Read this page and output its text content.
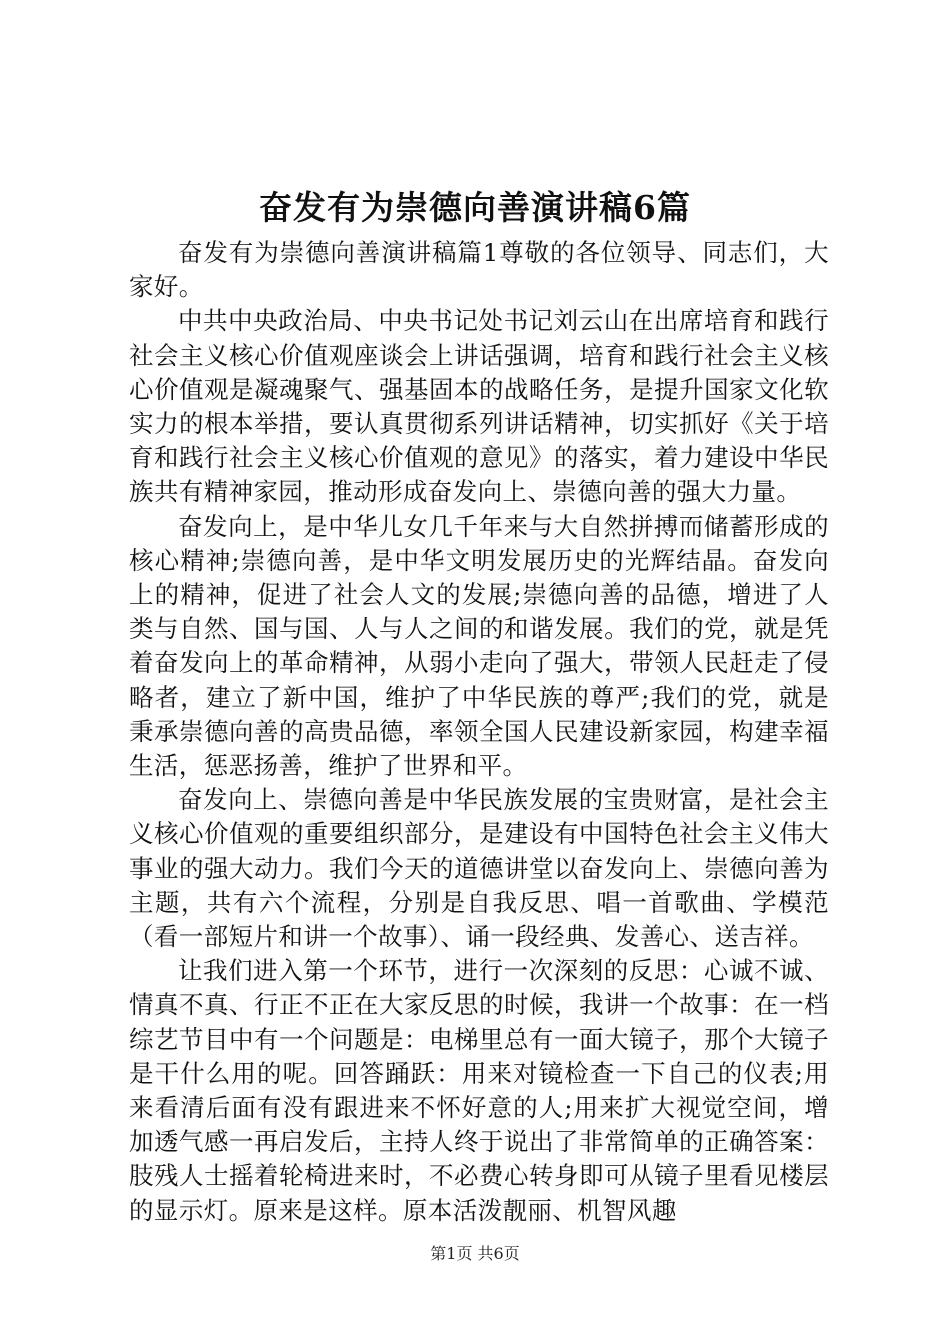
奋发有为崇德向善演讲稿6篇

奋发有为崇德向善演讲稿篇1尊敬的各位领导、同志们，大家好。

中共中央政治局、中央书记处书记刘云山在出席培育和践行社会主义核心价值观座谈会上讲话强调，培育和践行社会主义核心价值观是凝魂聚气、强基固本的战略任务，是提升国家文化软实力的根本举措，要认真贯彻系列讲话精神，切实抓好《关于培育和践行社会主义核心价值观的意见》的落实，着力建设中华民族共有精神家园，推动形成奋发向上、崇德向善的强大力量。

奋发向上，是中华儿女几千年来与大自然拼搏而储蓄形成的核心精神;崇德向善，是中华文明发展历史的光辉结晶。奋发向上的精神，促进了社会人文的发展;崇德向善的品德，增进了人类与自然、国与国、人与人之间的和谐发展。我们的党，就是凭着奋发向上的革命精神，从弱小走向了强大，带领人民赶走了侵略者，建立了新中国，维护了中华民族的尊严;我们的党，就是秉承崇德向善的高贵品德，率领全国人民建设新家园，构建幸福生活，惩恶扬善，维护了世界和平。

奋发向上、崇德向善是中华民族发展的宝贵财富，是社会主义核心价值观的重要组织部分，是建设有中国特色社会主义伟大事业的强大动力。我们今天的道德讲堂以奋发向上、崇德向善为主题，共有六个流程，分别是自我反思、唱一首歌曲、学模范（看一部短片和讲一个故事）、诵一段经典、发善心、送吉祥。

让我们进入第一个环节，进行一次深刻的反思：心诚不诚、情真不真、行正不正在大家反思的时候，我讲一个故事：在一档综艺节目中有一个问题是：电梯里总有一面大镜子，那个大镜子是干什么用的呢。回答踊跃：用来对镜检查一下自己的仪表;用来看清后面有没有跟进来不怀好意的人;用来扩大视觉空间，增加透气感一再启发后，主持人终于说出了非常简单的正确答案：肢残人士摇着轮椅进来时，不必费心转身即可从镜子里看见楼层的显示灯。原来是这样。原本活泼靓丽、机智风趣

第1页 共6页
